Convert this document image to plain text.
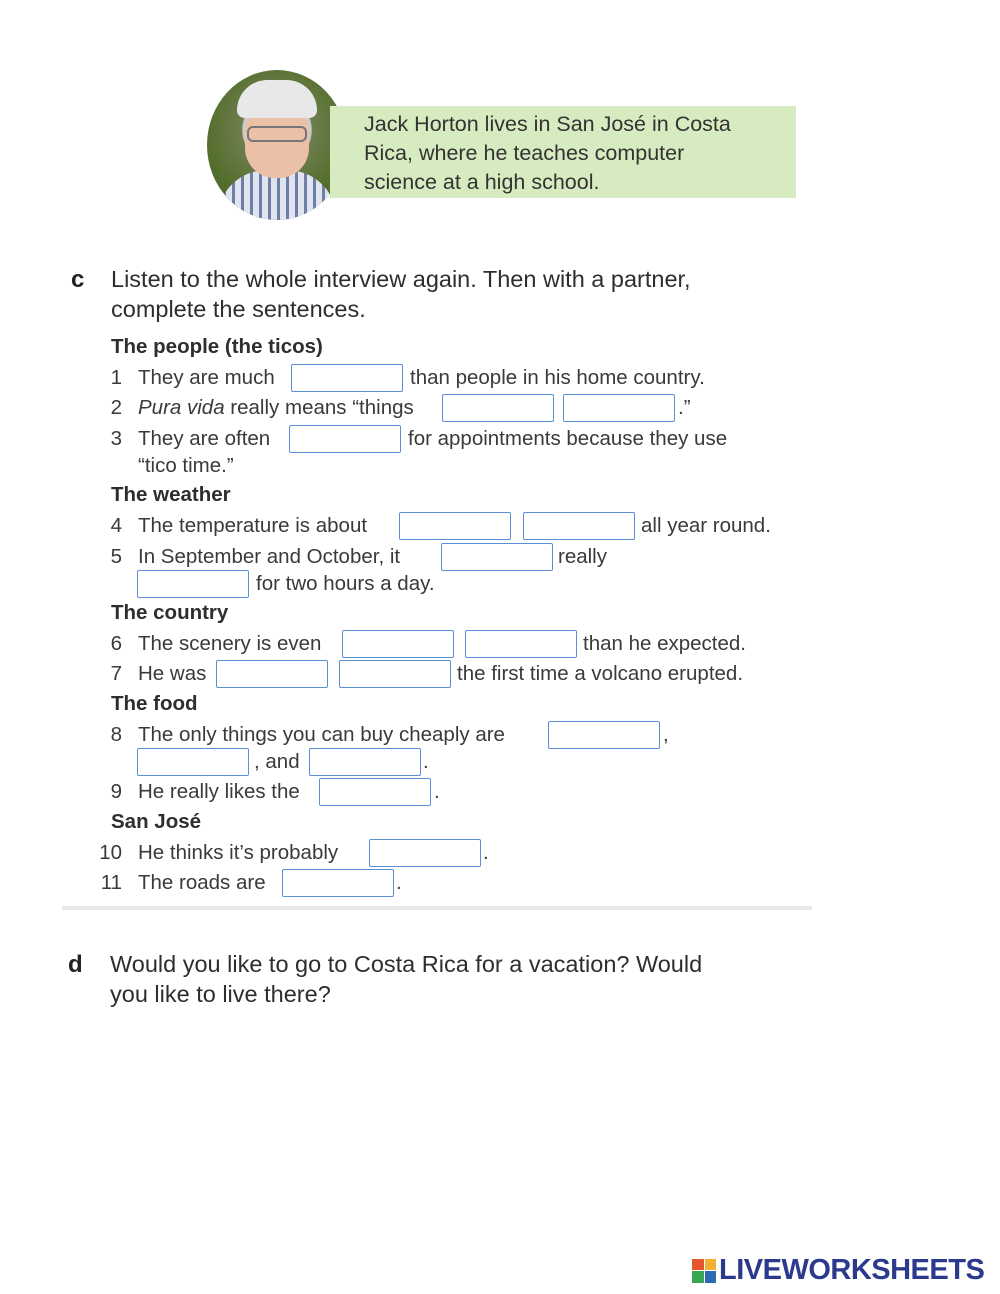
Jack Horton lives in San José in Costa
Rica, where he teaches computer
science at a high school.
c Listen to the whole interview again. Then with a partner,
complete the sentences.
The people (the ticos)
1 They are much	than people in his home country.
2 Pura vida really means “things	.”
3 They are often	for appointments because they use
“tico time.”
The weather
4 The temperature is about	all year round.
5 In September and October, it	really
for two hours a day.
The country
6 The scenery is even	than he expected.
7 He was	the first time a volcano erupted.
The food
8 The only things you can buy cheaply are	,
, and	.
9 He really likes the	.
San José
10 He thinks it’s probably	.
11 The roads are	.
d Would you like to go to Costa Rica for a vacation? Would
you like to live there?
LIVEWORKSHEETS
